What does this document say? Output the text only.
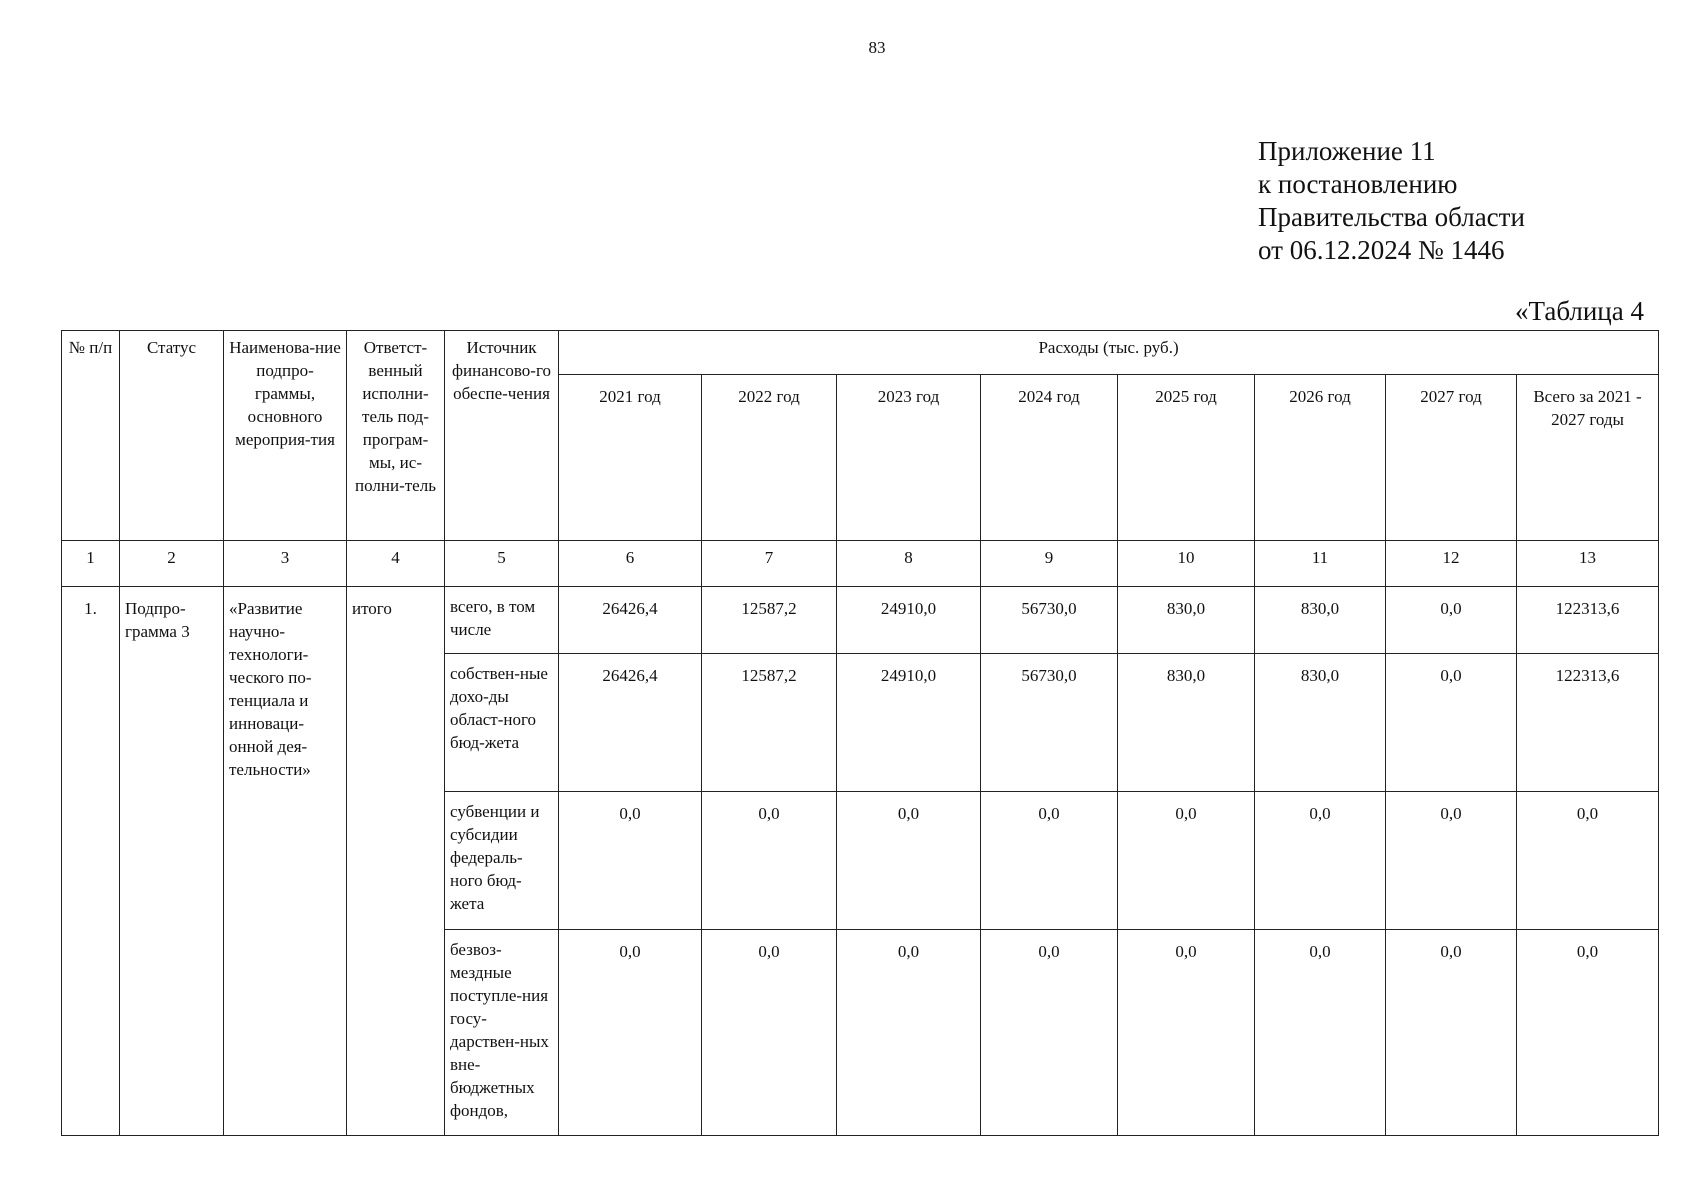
83
Приложение 11
к постановлению
Правительства области
от 06.12.2024 № 1446
«Таблица 4
№ п/п	Статус	Наименова-ние подпро-граммы, основного мероприя-тия	Ответст-венный исполни-тель под-програм-мы, ис-полни-тель	Источник финансово-го обеспе-чения	Расходы (тыс. руб.)							
					2021 год	2022 год	2023 год	2024 год	2025 год	2026 год	2027 год	Всего за 2021 - 2027 годы
1	2	3	4	5	6	7	8	9	10	11	12	13
1.	Подпро-грамма 3	«Развитие научно-технологи-ческого по-тенциала и инноваци-онной дея-тельности»	итого	всего, в том числе	26426,4	12587,2	24910,0	56730,0	830,0	830,0	0,0	122313,6
				собствен-ные дохо-ды област-ного бюд-жета	26426,4	12587,2	24910,0	56730,0	830,0	830,0	0,0	122313,6
				субвенции и субсидии федераль-ного бюд-жета	0,0	0,0	0,0	0,0	0,0	0,0	0,0	0,0
				безвоз-мездные поступле-ния госу-дарствен-ных вне-бюджетных фондов,	0,0	0,0	0,0	0,0	0,0	0,0	0,0	0,0
